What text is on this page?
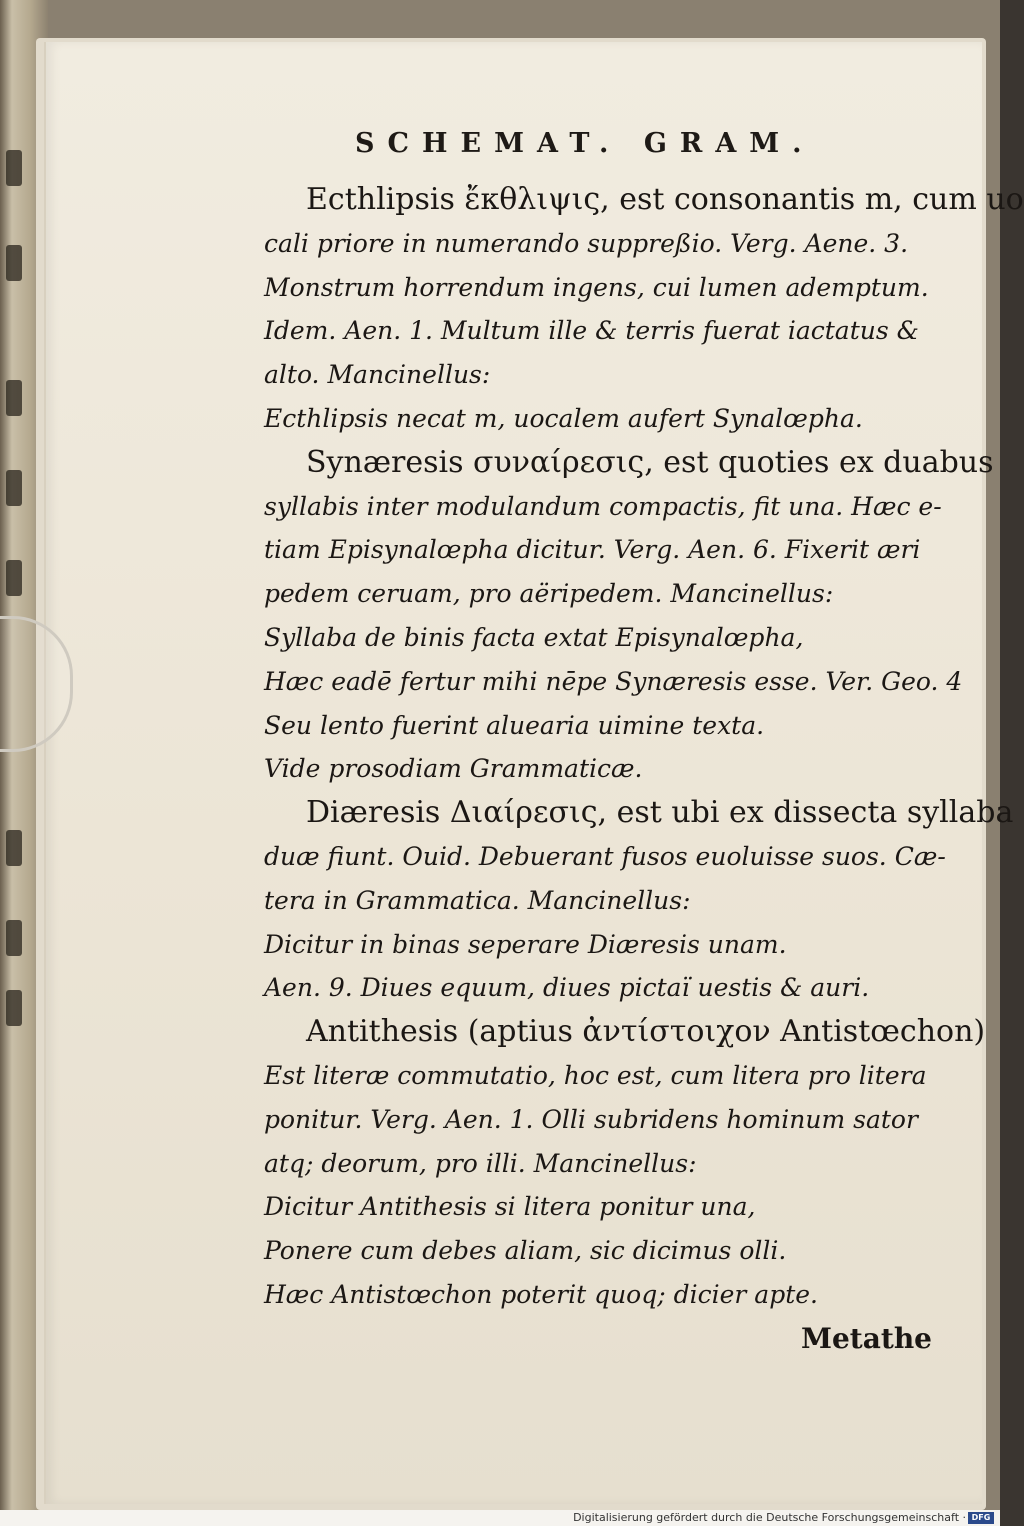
SCHEMAT. GRAM.
Ecthlipsis ἔκθλιψις, est consonantis m, cum uo
cali priore in numerando suppreßio. Verg. Aene. 3.
Monstrum horrendum ingens, cui lumen ademptum.
Idem. Aen. 1. Multum ille & terris fuerat iactatus &
alto. Mancinellus:
Ecthlipsis necat m, uocalem aufert Synalœpha.
Synæresis συναίρεσις, est quoties ex duabus
syllabis inter modulandum compactis, fit una. Hæc e-
tiam Episynalœpha dicitur. Verg. Aen. 6. Fixerit æri
pedem ceruam, pro aëripedem. Mancinellus:
Syllaba de binis facta extat Episynalœpha,
Hæc eadē fertur mihi nēpe Synæresis esse. Ver. Geo. 4
Seu lento fuerint aluearia uimine texta.
Vide prosodiam Grammaticæ.
Diæresis Διαίρεσις, est ubi ex dissecta syllaba
duæ fiunt. Ouid. Debuerant fusos euoluisse suos. Cæ-
tera in Grammatica. Mancinellus:
Dicitur in binas seperare Diæresis unam.
Aen. 9. Diues equum, diues pictaï uestis & auri.
Antithesis (aptius ἀντίστοιχον Antistœchon)
Est literæ commutatio, hoc est, cum litera pro litera
ponitur. Verg. Aen. 1. Olli subridens hominum sator
atq; deorum, pro illi. Mancinellus:
Dicitur Antithesis si litera ponitur una,
Ponere cum debes aliam, sic dicimus olli.
Hæc Antistœchon poterit quoq; dicier apte.
Metathe
Digitalisierung gefördert durch die Deutsche Forschungsgemeinschaft · DFG
